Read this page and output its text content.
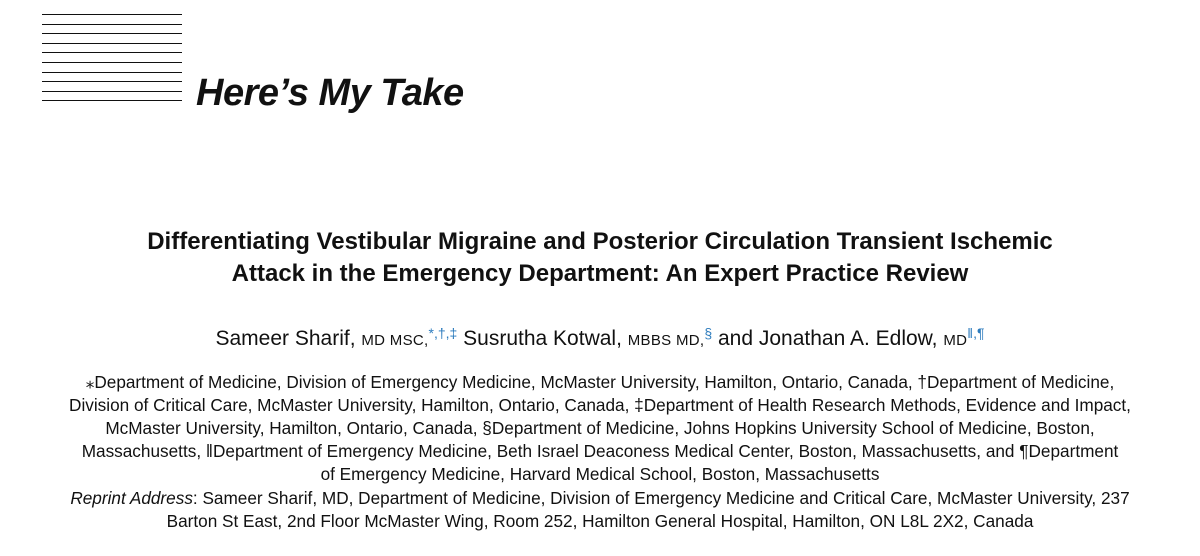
Here’s My Take
Differentiating Vestibular Migraine and Posterior Circulation Transient Ischemic
Attack in the Emergency Department: An Expert Practice Review
Sameer Sharif, MD MSC,*,†,‡ Susrutha Kotwal, MBBS MD,§ and Jonathan A. Edlow, MD‖,¶
⁎Department of Medicine, Division of Emergency Medicine, McMaster University, Hamilton, Ontario, Canada, †Department of Medicine,
Division of Critical Care, McMaster University, Hamilton, Ontario, Canada, ‡Department of Health Research Methods, Evidence and Impact,
McMaster University, Hamilton, Ontario, Canada, §Department of Medicine, Johns Hopkins University School of Medicine, Boston,
Massachusetts, ‖Department of Emergency Medicine, Beth Israel Deaconess Medical Center, Boston, Massachusetts, and ¶Department
of Emergency Medicine, Harvard Medical School, Boston, Massachusetts
Reprint Address: Sameer Sharif, MD, Department of Medicine, Division of Emergency Medicine and Critical Care, McMaster University, 237
Barton St East, 2nd Floor McMaster Wing, Room 252, Hamilton General Hospital, Hamilton, ON L8L 2X2, Canada
